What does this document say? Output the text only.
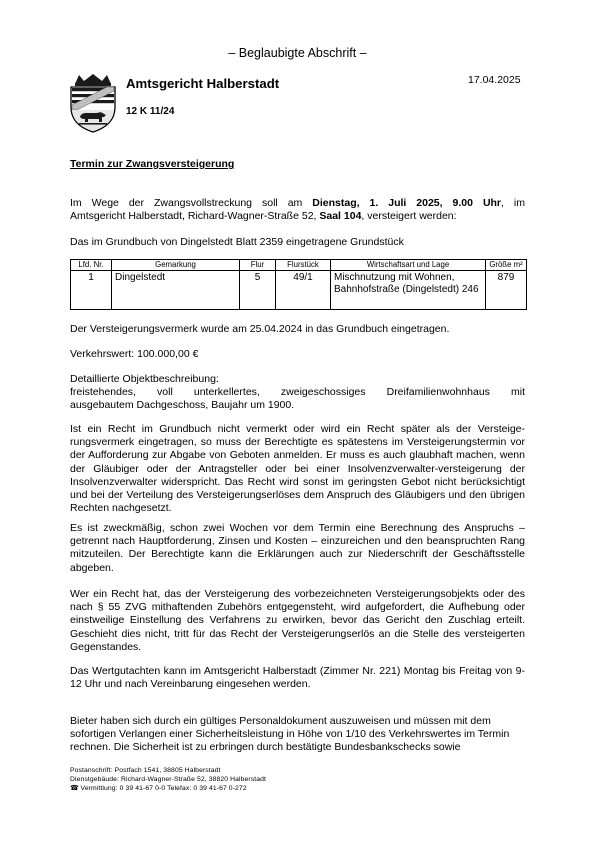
– Beglaubigte Abschrift –
Amtsgericht Halberstadt
12 K 11/24
17.04.2025
Termin zur Zwangsversteigerung
Im Wege der Zwangsvollstreckung soll am Dienstag, 1. Juli 2025, 9.00 Uhr, im
Amtsgericht Halberstadt, Richard-Wagner-Straße 52, Saal 104, versteigert werden:
Das im Grundbuch von Dingelstedt Blatt 2359 eingetragene Grundstück
Lfd. Nr.	Gemarkung	Flur	Flurstück	Wirtschaftsart und Lage	Größe m²
1	Dingelstedt	5	49/1	Mischnutzung mit Wohnen, Bahnhofstraße (Dingelstedt) 246	879
Der Versteigerungsvermerk wurde am 25.04.2024 in das Grundbuch eingetragen.
Verkehrswert: 100.000,00 €
Detaillierte Objektbeschreibung:
freistehendes, voll unterkellertes, zweigeschossiges Dreifamilienwohnhaus mit
ausgebautem Dachgeschoss, Baujahr um 1900.
Ist ein Recht im Grundbuch nicht vermerkt oder wird ein Recht später als der Versteige-rungsvermerk eingetragen, so muss der Berechtigte es spätestens im Versteigerungstermin vor der Aufforderung zur Abgabe von Geboten anmelden. Er muss es auch glaubhaft machen, wenn der Gläubiger oder der Antragsteller oder bei einer Insolvenzverwalter-versteigerung der Insolvenzverwalter widerspricht. Das Recht wird sonst im geringsten Gebot nicht berücksichtigt und bei der Verteilung des Versteigerungserlöses dem Anspruch des Gläubigers und den übrigen Rechten nachgesetzt.
Es ist zweckmäßig, schon zwei Wochen vor dem Termin eine Berechnung des Anspruchs – getrennt nach Hauptforderung, Zinsen und Kosten – einzureichen und den beanspruchten Rang mitzuteilen. Der Berechtigte kann die Erklärungen auch zur Niederschrift der Geschäftsstelle abgeben.
Wer ein Recht hat, das der Versteigerung des vorbezeichneten Versteigerungsobjekts oder des nach § 55 ZVG mithaftenden Zubehörs entgegensteht, wird aufgefordert, die Aufhebung oder einstweilige Einstellung des Verfahrens zu erwirken, bevor das Gericht den Zuschlag erteilt. Geschieht dies nicht, tritt für das Recht der Versteigerungserlös an die Stelle des versteigerten Gegenstandes.
Das Wertgutachten kann im Amtsgericht Halberstadt (Zimmer Nr. 221) Montag bis Freitag von 9-12 Uhr und nach Vereinbarung eingesehen werden.
Bieter haben sich durch ein gültiges Personaldokument auszuweisen und müssen mit dem sofortigen Verlangen einer Sicherheitsleistung in Höhe von 1/10 des Verkehrswertes im Termin rechnen. Die Sicherheit ist zu erbringen durch bestätigte Bundesbankschecks sowie
Postanschrift: Postfach 1541, 38805 Halberstadt
Dienstgebäude: Richard-Wagner-Straße 52, 38820 Halberstadt
☎ Vermittlung: 0 39 41-67 0-0 Telefax: 0 39 41-67 0-272
